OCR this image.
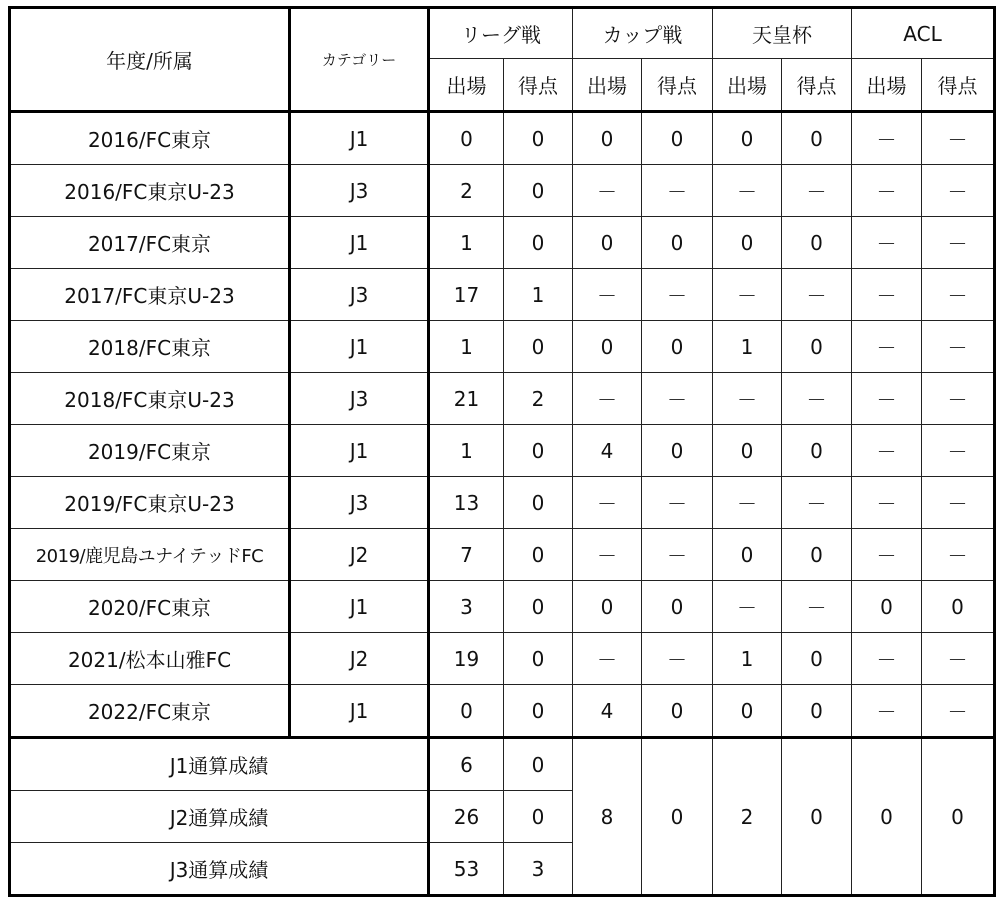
年度/所属	カテゴリー	リーグ戦		カップ戦		天皇杯		ACL	
		出場	得点	出場	得点	出場	得点	出場	得点
2016/FC東京	J1	0	0	0	0	0	0	－	－
2016/FC東京U-23	J3	2	0	－	－	－	－	－	－
2017/FC東京	J1	1	0	0	0	0	0	－	－
2017/FC東京U-23	J3	17	1	－	－	－	－	－	－
2018/FC東京	J1	1	0	0	0	1	0	－	－
2018/FC東京U-23	J3	21	2	－	－	－	－	－	－
2019/FC東京	J1	1	0	4	0	0	0	－	－
2019/FC東京U-23	J3	13	0	－	－	－	－	－	－
2019/鹿児島ユナイテッドFC	J2	7	0	－	－	0	0	－	－
2020/FC東京	J1	3	0	0	0	－	－	0	0
2021/松本山雅FC	J2	19	0	－	－	1	0	－	－
2022/FC東京	J1	0	0	4	0	0	0	－	－
J1通算成績		6	0	8	0	2	0	0	0
J2通算成績		26	0						
J3通算成績		53	3						
